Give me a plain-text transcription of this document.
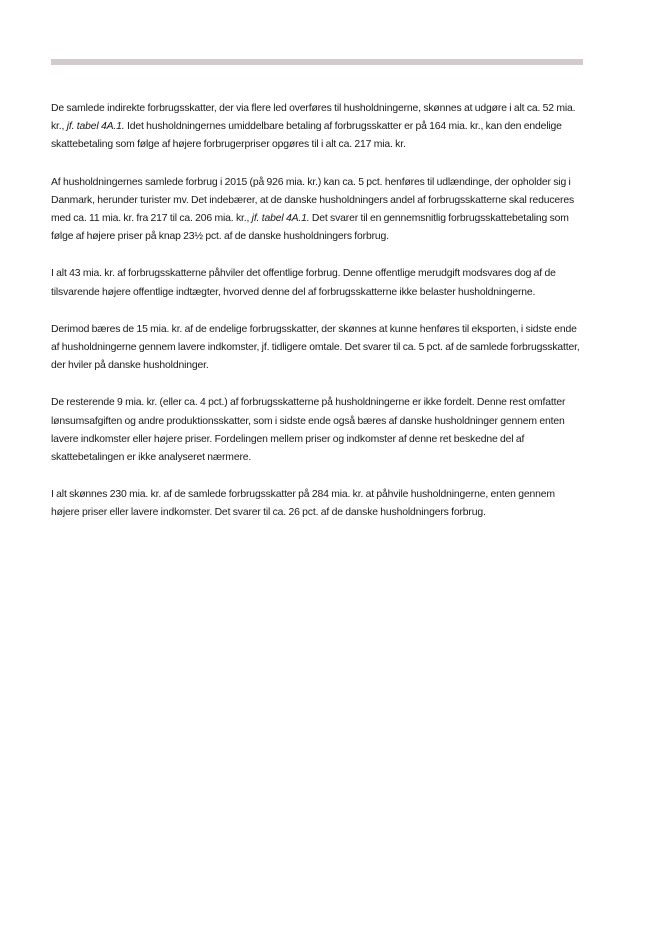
De samlede indirekte forbrugsskatter, der via flere led overføres til husholdningerne, skønnes at udgøre i alt ca. 52 mia. kr., jf. tabel 4A.1. Idet husholdningernes umiddelbare betaling af forbrugsskatter er på 164 mia. kr., kan den endelige skattebetaling som følge af højere forbrugerpriser opgøres til i alt ca. 217 mia. kr.

Af husholdningernes samlede forbrug i 2015 (på 926 mia. kr.) kan ca. 5 pct. henføres til udlændinge, der opholder sig i Danmark, herunder turister mv. Det indebærer, at de danske husholdningers andel af forbrugsskatterne skal reduceres med ca. 11 mia. kr. fra 217 til ca. 206 mia. kr., jf. tabel 4A.1. Det svarer til en gennemsnitlig forbrugsskattebetaling som følge af højere priser på knap 23½ pct. af de danske husholdningers forbrug.

I alt 43 mia. kr. af forbrugsskatterne påhviler det offentlige forbrug. Denne offentlige merudgift modsvares dog af de tilsvarende højere offentlige indtægter, hvorved denne del af forbrugsskatterne ikke belaster husholdningerne.

Derimod bæres de 15 mia. kr. af de endelige forbrugsskatter, der skønnes at kunne henføres til eksporten, i sidste ende af husholdningerne gennem lavere indkomster, jf. tidligere omtale. Det svarer til ca. 5 pct. af de samlede forbrugsskatter, der hviler på danske husholdninger.

De resterende 9 mia. kr. (eller ca. 4 pct.) af forbrugsskatterne på husholdningerne er ikke fordelt. Denne rest omfatter lønsumsafgiften og andre produktionsskatter, som i sidste ende også bæres af danske husholdninger gennem enten lavere indkomster eller højere priser. Fordelingen mellem priser og indkomster af denne ret beskedne del af skattebetalingen er ikke analyseret nærmere.

I alt skønnes 230 mia. kr. af de samlede forbrugsskatter på 284 mia. kr. at påhvile husholdningerne, enten gennem højere priser eller lavere indkomster. Det svarer til ca. 26 pct. af de danske husholdningers forbrug.
